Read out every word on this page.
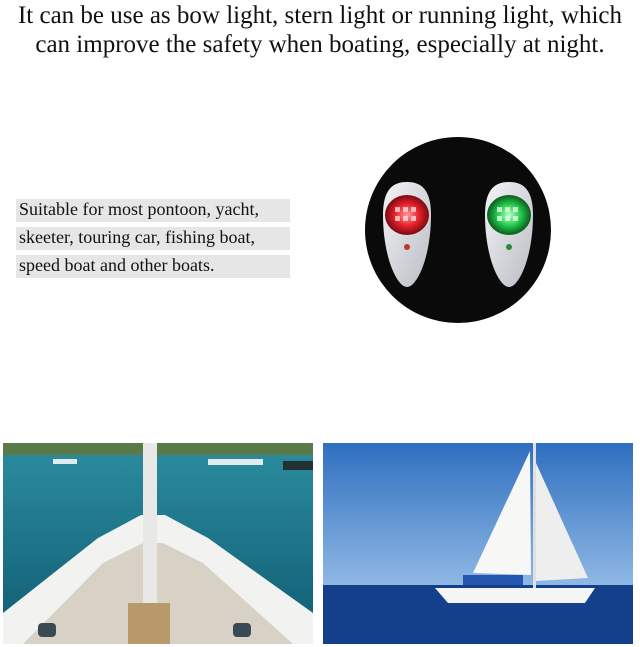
It can be use as bow light, stern light or running light, which
can improve the safety when boating, especially at night.
Suitable for most pontoon, yacht,
skeeter, touring car, fishing boat,
speed boat and other boats.
